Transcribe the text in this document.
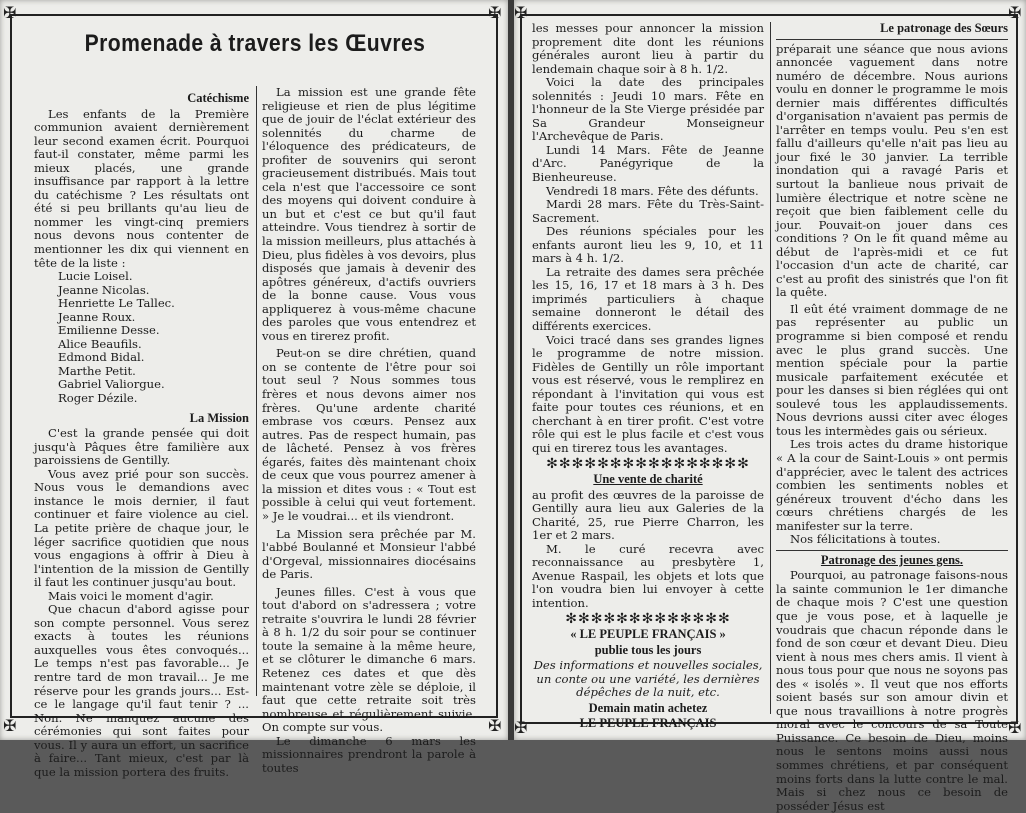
✠	✠
✠	✠
Promenade à travers les Œuvres
Catéchisme

Les enfants de la Première communion avaient dernièrement leur second examen écrit. Pourquoi faut-il constater, même parmi les mieux placés, une grande insuffisance par rapport à la lettre du catéchisme ? Les résultats ont été si peu brillants qu'au lieu de nommer les vingt-cinq premiers nous devons nous contenter de mentionner les dix qui viennent en tête de la liste :

Lucie Loisel.
Jeanne Nicolas.
Henriette Le Tallec.
Jeanne Roux.
Emilienne Desse.
Alice Beaufils.
Edmond Bidal.
Marthe Petit.
Gabriel Valiorgue.
Roger Dézile.
La Mission

C'est la grande pensée qui doit jusqu'à Pâques être familière aux paroissiens de Gentilly.

Vous avez prié pour son succès. Nous vous le demandions avec instance le mois dernier, il faut continuer et faire violence au ciel. La petite prière de chaque jour, le léger sacrifice quotidien que nous vous engagions à offrir à Dieu à l'intention de la mission de Gentilly il faut les continuer jusqu'au bout.

Mais voici le moment d'agir.

Que chacun d'abord agisse pour son compte personnel. Vous serez exacts à toutes les réunions auxquelles vous êtes convoqués... Le temps n'est pas favorable... Je rentre tard de mon travail... Je me réserve pour les grands jours... Est-ce le langage qu'il faut tenir ? ... Non. Ne manquez aucune des cérémonies qui sont faites pour vous. Il y aura un effort, un sacrifice à faire... Tant mieux, c'est par là que la mission portera des fruits.

La mission est une grande fête religieuse et rien de plus légitime que de jouir de l'éclat extérieur des solennités du charme de l'éloquence des prédicateurs, de profiter de souvenirs qui seront gracieusement distribués. Mais tout cela n'est que l'accessoire ce sont des moyens qui doivent conduire à un but et c'est ce but qu'il faut atteindre. Vous tiendrez à sortir de la mission meilleurs, plus attachés à Dieu, plus fidèles à vos devoirs, plus disposés que jamais à devenir des apôtres généreux, d'actifs ouvriers de la bonne cause. Vous vous appliquerez à vous-même chacune des paroles que vous entendrez et vous en tirerez profit.

Peut-on se dire chrétien, quand on se contente de l'être pour soi tout seul ? Nous sommes tous frères et nous devons aimer nos frères. Qu'une ardente charité embrase vos cœurs. Pensez aux autres. Pas de respect humain, pas de lâcheté. Pensez à vos frères égarés, faites dès maintenant choix de ceux que vous pourrez amener à la mission et dites vous : « Tout est possible à celui qui veut fortement. » Je le voudrai... et ils viendront.

La Mission sera prêchée par M. l'abbé Boulanné et Monsieur l'abbé d'Orgeval, missionnaires diocésains de Paris.

Jeunes filles. C'est à vous que tout d'abord on s'adressera ; votre retraite s'ouvrira le lundi 28 février à 8 h. 1/2 du soir pour se continuer toute la semaine à la même heure, et se clôturer le dimanche 6 mars. Retenez ces dates et que dès maintenant votre zèle se déploie, il faut que cette retraite soit très nombreuse et régulièrement suivie. On compte sur vous.

Le dimanche 6 mars les missionnaires prendront la parole à toutes

✠	✠
✠	✠

les messes pour annoncer la mission proprement dite dont les réunions générales auront lieu à partir du lendemain chaque soir à 8 h. 1/2.

Voici la date des principales solennités : Jeudi 10 mars. Fête en l'honneur de la Ste Vierge présidée par Sa Grandeur Monseigneur l'Archevêque de Paris.

Lundi 14 Mars. Fête de Jeanne d'Arc. Panégyrique de la Bienheureuse.

Vendredi 18 mars. Fête des défunts.

Mardi 28 mars. Fête du Très-Saint-Sacrement.

Des réunions spéciales pour les enfants auront lieu les 9, 10, et 11 mars à 4 h. 1/2.

La retraite des dames sera prêchée les 15, 16, 17 et 18 mars à 3 h. Des imprimés particuliers à chaque semaine donneront le détail des différents exercices.

Voici tracé dans ses grandes lignes le programme de notre mission. Fidèles de Gentilly un rôle important vous est réservé, vous le remplirez en répondant à l'invitation qui vous est faite pour toutes ces réunions, et en cherchant à en tirer profit. C'est votre rôle qui est le plus facile et c'est vous qui en tirerez tous les avantages.

✻✻✻✻✻✻✻✻✻✻✻✻✻✻✻✻
Une vente de charité

au profit des œuvres de la paroisse de Gentilly aura lieu aux Galeries de la Charité, 25, rue Pierre Charron, les 1er et 2 mars.

M. le curé recevra avec reconnaissance au presbytère 1, Avenue Raspail, les objets et lots que l'on voudra bien lui envoyer à cette intention.

✻✻✻✻✻✻✻✻✻✻✻✻✻
« LE PEUPLE FRANÇAIS »
publie tous les jours

Des informations et nouvelles sociales, un conte ou une variété, les dernières dépêches de la nuit, etc.

Demain matin achetez
LE PEUPLE FRANÇAIS
Le patronage des Sœurs

préparait une séance que nous avions annoncée vaguement dans notre numéro de décembre. Nous aurions voulu en donner le programme le mois dernier mais différentes difficultés d'organisation n'avaient pas permis de l'arrêter en temps voulu. Peu s'en est fallu d'ailleurs qu'elle n'ait pas lieu au jour fixé le 30 janvier. La terrible inondation qui a ravagé Paris et surtout la banlieue nous privait de lumière électrique et notre scène ne reçoit que bien faiblement celle du jour. Pouvait-on jouer dans ces conditions ? On le fit quand même au début de l'après-midi et ce fut l'occasion d'un acte de charité, car c'est au profit des sinistrés que l'on fit la quête.

Il eût été vraiment dommage de ne pas représenter au public un programme si bien composé et rendu avec le plus grand succès. Une mention spéciale pour la partie musicale parfaitement exécutée et pour les danses si bien réglées qui ont soulevé tous les applaudissements. Nous devrions aussi citer avec éloges tous les intermèdes gais ou sérieux.

Les trois actes du drame historique « A la cour de Saint-Louis » ont permis d'apprécier, avec le talent des actrices combien les sentiments nobles et généreux trouvent d'écho dans les cœurs chrétiens chargés de les manifester sur la terre.

Nos félicitations à toutes.

Patronage des jeunes gens.

Pourquoi, au patronage faisons-nous la sainte communion le 1er dimanche de chaque mois ? C'est une question que je vous pose, et à laquelle je voudrais que chacun réponde dans le fond de son cœur et devant Dieu. Dieu vient à nous mes chers amis. Il vient à nous tous pour que nous ne soyons pas des « isolés ». Il veut que nos efforts soient basés sur son amour divin et que nous travaillions à notre progrès moral avec le concours de sa Toute Puissance. Ce besoin de Dieu, moins nous le sentons moins aussi nous sommes chrétiens, et par conséquent moins forts dans la lutte contre le mal. Mais si chez nous ce besoin de posséder Jésus est
